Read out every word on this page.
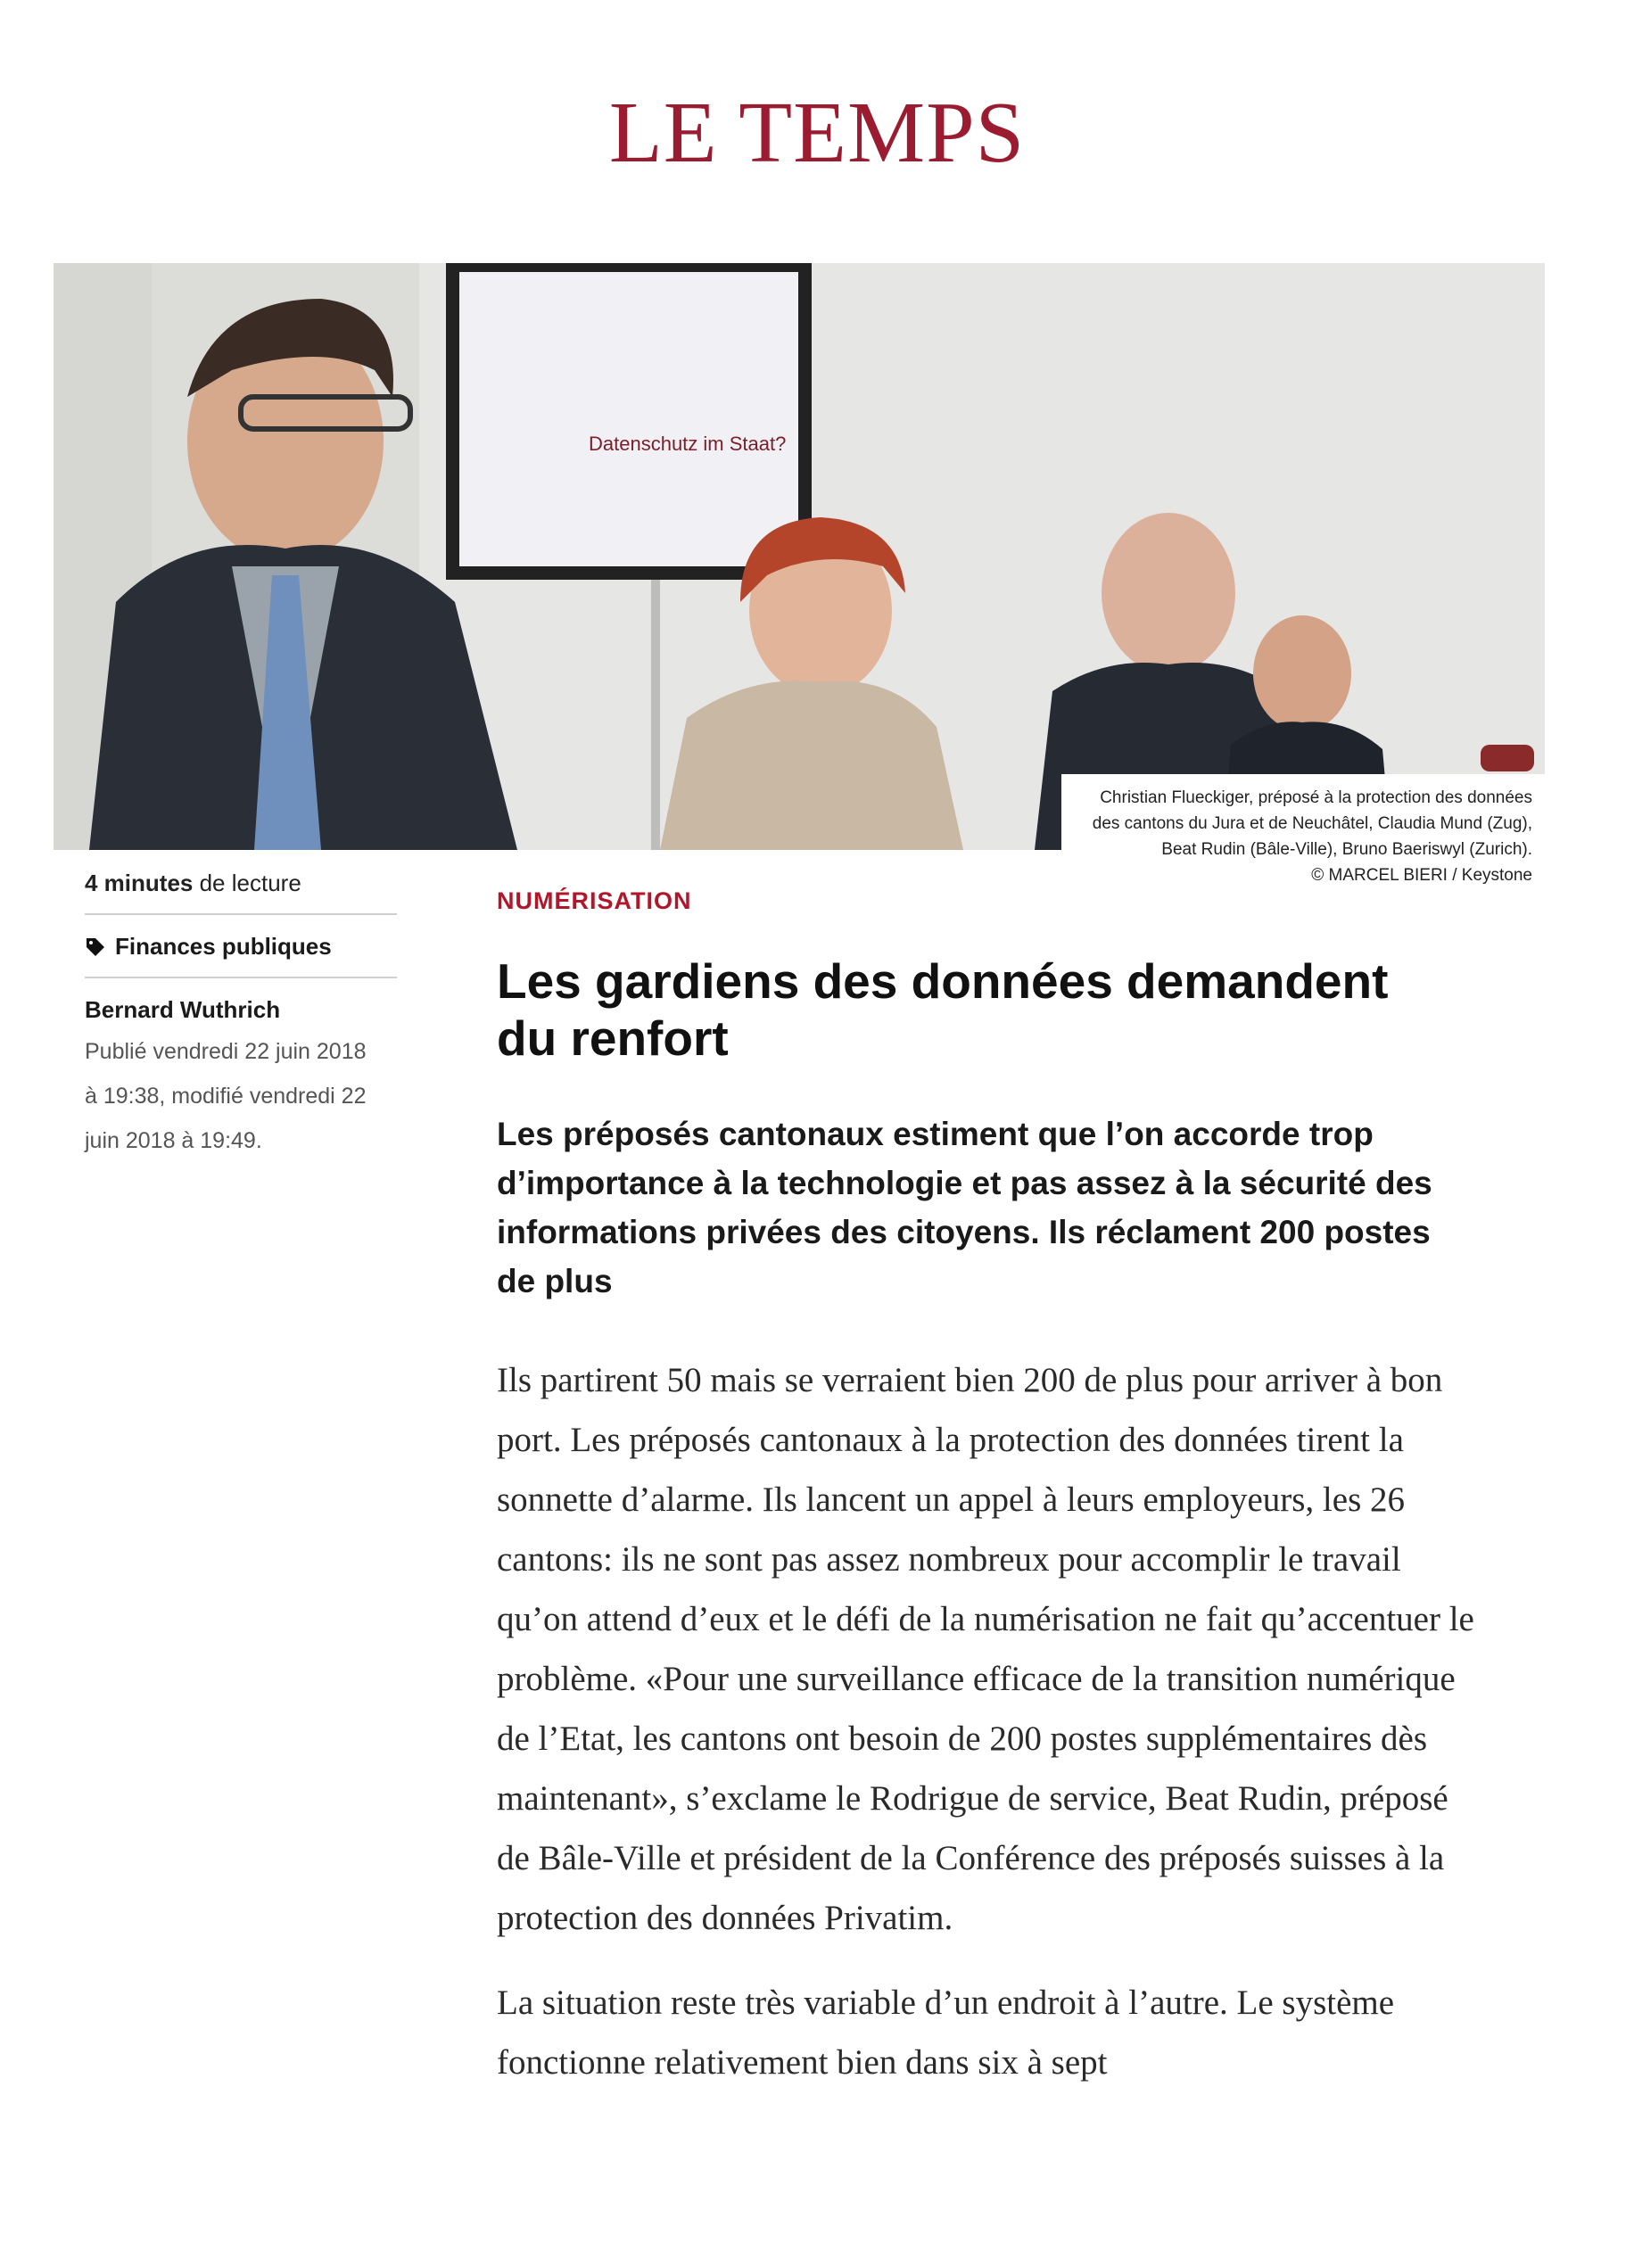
LE TEMPS
Datenschutz im Staat?
Christian Flueckiger, préposé à la protection des données des cantons du Jura et de Neuchâtel, Claudia Mund (Zug), Beat Rudin (Bâle-Ville), Bruno Baeriswyl (Zurich).
© MARCEL BIERI / Keystone
4 minutes de lecture
Finances publiques
Bernard Wuthrich
Publié vendredi 22 juin 2018 à 19:38, modifié vendredi 22 juin 2018 à 19:49.
NUMÉRISATION
Les gardiens des données demandent du renfort
Les préposés cantonaux estiment que l’on accorde trop d’importance à la technologie et pas assez à la sécurité des informations privées des citoyens. Ils réclament 200 postes de plus

Ils partirent 50 mais se verraient bien 200 de plus pour arriver à bon port. Les préposés cantonaux à la protection des données tirent la sonnette d’alarme. Ils lancent un appel à leurs employeurs, les 26 cantons: ils ne sont pas assez nombreux pour accomplir le travail qu’on attend d’eux et le défi de la numérisation ne fait qu’accentuer le problème. «Pour une surveillance efficace de la transition numérique de l’Etat, les cantons ont besoin de 200 postes supplémentaires dès maintenant», s’exclame le Rodrigue de service, Beat Rudin, préposé de Bâle-Ville et président de la Conférence des préposés suisses à la protection des données Privatim.

La situation reste très variable d’un endroit à l’autre. Le système fonctionne relativement bien dans six à sept
